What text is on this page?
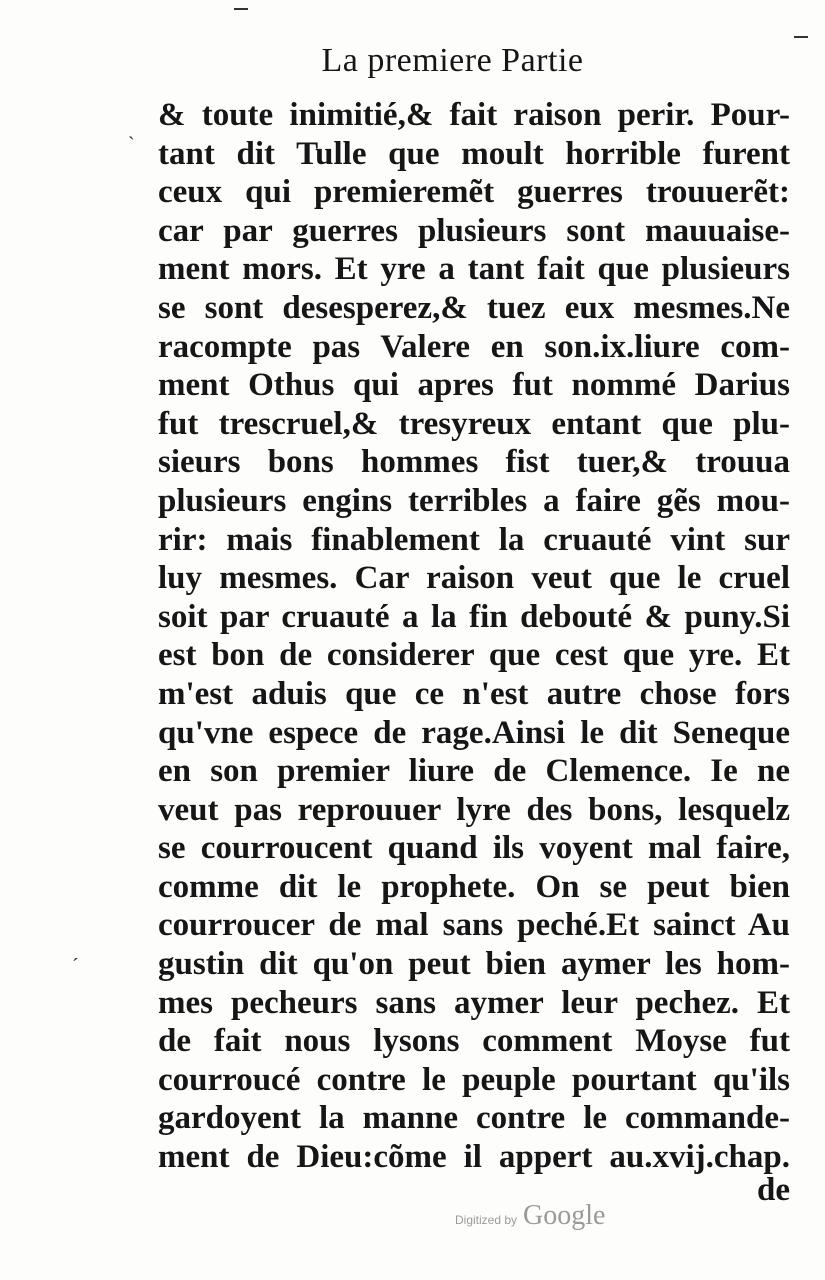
ˏ
ˊ
La premiere Partie
& toute inimitié,& fait raison perir. Pour-
tant dit Tulle que moult horrible furent
ceux qui premieremẽt guerres trouuerẽt:
car par guerres plusieurs sont mauuaise-
ment mors. Et yre a tant fait que plusieurs
se sont desesperez,& tuez eux mesmes.Ne
racompte pas Valere en son.ix.liure com-
ment Othus qui apres fut nommé Darius
fut trescruel,& tresyreux entant que plu-
sieurs bons hommes fist tuer,& trouua
plusieurs engins terribles a faire gẽs mou-
rir: mais finablement la cruauté vint sur
luy mesmes. Car raison veut que le cruel
soit par cruauté a la fin debouté & puny.Si
est bon de considerer que cest que yre. Et
m'est aduis que ce n'est autre chose fors
qu'vne espece de rage.Ainsi le dit Seneque
en son premier liure de Clemence. Ie ne
veut pas reprouuer lyre des bons, lesquelz
se courroucent quand ils voyent mal faire,
comme dit le prophete. On se peut bien
courroucer de mal sans peché.Et sainct Au
gustin dit qu'on peut bien aymer les hom-
mes pecheurs sans aymer leur pechez. Et
de fait nous lysons comment Moyse fut
courroucé contre le peuple pourtant qu'ils
gardoyent la manne contre le commande-
ment de Dieu:cõme il appert au.xvij.chap.
de
Digitized by Google
